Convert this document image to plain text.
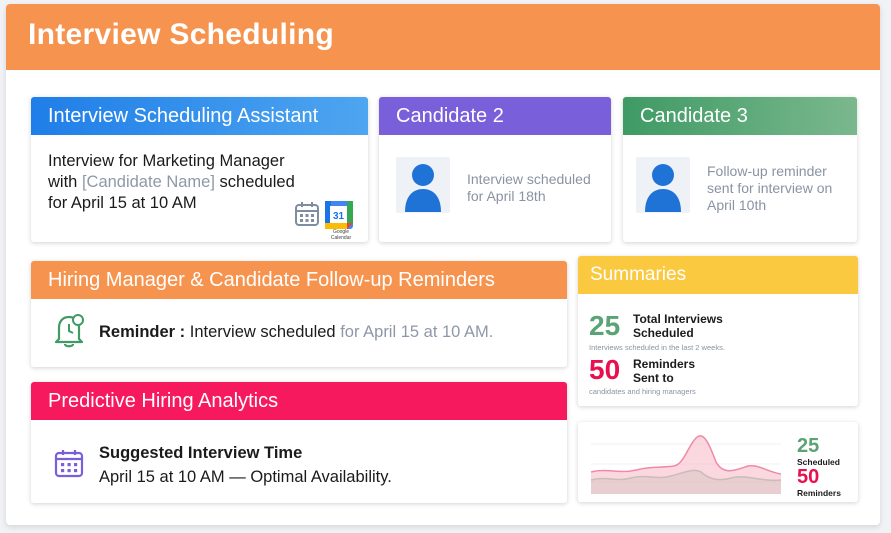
Interview Scheduling
Interview Scheduling Assistant
Interview for Marketing Manager
with [Candidate Name] scheduled
for April 15 at 10 AM
31
Google Calendar
Candidate 2
Interview scheduled for April 18th
Candidate 3
Follow-up reminder sent for interview on April 10th
Hiring Manager & Candidate Follow-up Reminders
Reminder : Interview scheduled for April 15 at 10 AM.
Predictive Hiring Analytics
Suggested Interview Time
April 15 at 10 AM — Optimal Availability.
Summaries
25 Total Interviews Scheduled
Interviews scheduled in the last 2 weeks.
50 Reminders Sent to
candidates and hiring managers
25
Scheduled
50
Reminders
